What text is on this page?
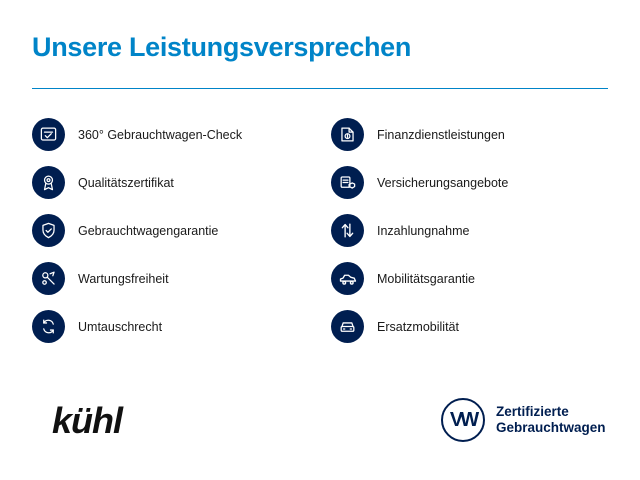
Unsere Leistungsversprechen
360° Gebrauchtwagen-Check
Qualitätszertifikat
Gebrauchtwagengarantie
Wartungsfreiheit
Umtauschrecht
Finanzdienstleistungen
Versicherungsangebote
Inzahlungnahme
Mobilitätsgarantie
Ersatzmobilität
kühl	VW	Zertifizierte
Gebrauchtwagen
